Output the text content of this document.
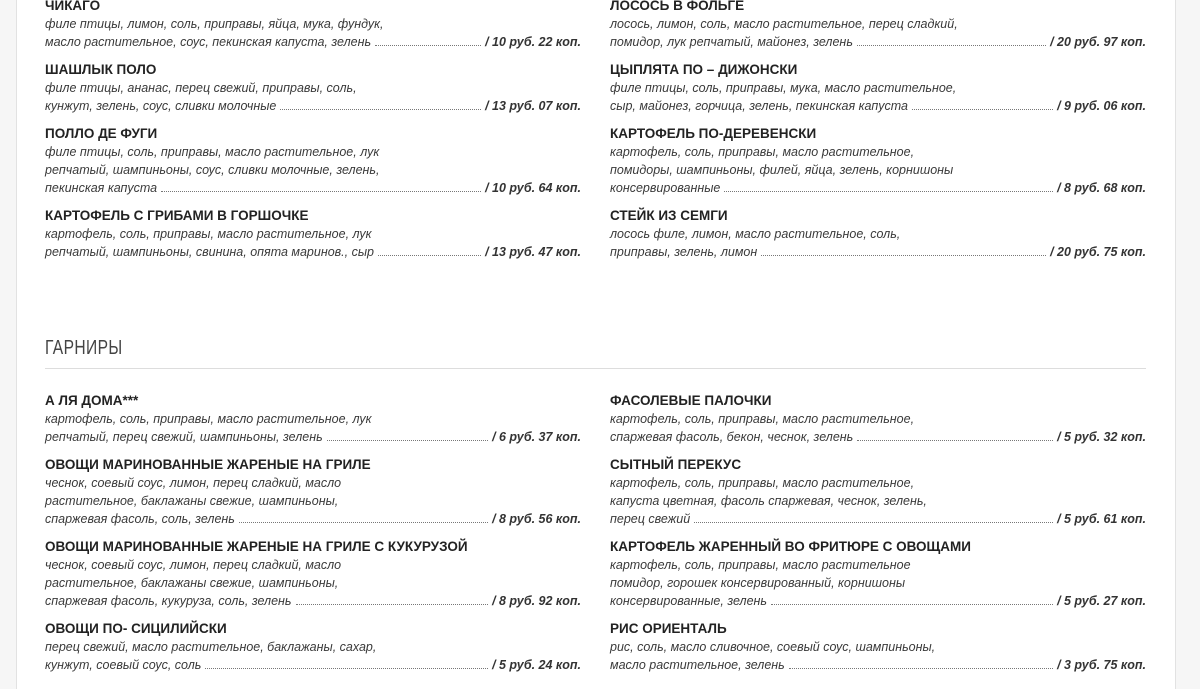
ЧИКАГО
филе птицы, лимон, соль, приправы, яйца, мука, фундук,
масло растительное, соус, пекинская капуста, зелень	/ 10 руб. 22 коп.
ЛОСОСЬ В ФОЛЬГЕ
лосось, лимон, соль, масло растительное, перец сладкий,
помидор, лук репчатый, майонез, зелень	/ 20 руб. 97 коп.
ШАШЛЫК ПОЛО
филе птицы, ананас, перец свежий, приправы, соль,
кунжут, зелень, соус, сливки молочные	/ 13 руб. 07 коп.
ЦЫПЛЯТА ПО – ДИЖОНСКИ
филе птицы, соль, приправы, мука, масло растительное,
сыр, майонез, горчица, зелень, пекинская капуста	/ 9 руб. 06 коп.
ПОЛЛО ДЕ ФУГИ
филе птицы, соль, приправы, масло растительное, лук
репчатый, шампиньоны, соус, сливки молочные, зелень,
пекинская капуста	/ 10 руб. 64 коп.
КАРТОФЕЛЬ ПО-ДЕРЕВЕНСКИ
картофель, соль, приправы, масло растительное,
помидоры, шампиньоны, филей, яйца, зелень, корнишоны
консервированные	/ 8 руб. 68 коп.
КАРТОФЕЛЬ С ГРИБАМИ В ГОРШОЧКЕ
картофель, соль, приправы, масло растительное, лук
репчатый, шампиньоны, свинина, опята маринов., сыр	/ 13 руб. 47 коп.
СТЕЙК ИЗ СЕМГИ
лосось филе, лимон, масло растительное, соль,
приправы, зелень, лимон	/ 20 руб. 75 коп.
ГАРНИРЫ
А ЛЯ ДОМА***
картофель, соль, приправы, масло растительное, лук
репчатый, перец свежий, шампиньоны, зелень	/ 6 руб. 37 коп.
ФАСОЛЕВЫЕ ПАЛОЧКИ
картофель, соль, приправы, масло растительное,
спаржевая фасоль, бекон, чеснок, зелень	/ 5 руб. 32 коп.
ОВОЩИ МАРИНОВАННЫЕ ЖАРЕНЫЕ НА ГРИЛЕ
чеснок, соевый соус, лимон, перец сладкий, масло
растительное, баклажаны свежие, шампиньоны,
спаржевая фасоль, соль, зелень	/ 8 руб. 56 коп.
СЫТНЫЙ ПЕРЕКУС
картофель, соль, приправы, масло растительное,
капуста цветная, фасоль спаржевая, чеснок, зелень,
перец свежий	/ 5 руб. 61 коп.
ОВОЩИ МАРИНОВАННЫЕ ЖАРЕНЫЕ НА ГРИЛЕ С КУКУРУЗОЙ
чеснок, соевый соус, лимон, перец сладкий, масло
растительное, баклажаны свежие, шампиньоны,
спаржевая фасоль, кукуруза, соль, зелень	/ 8 руб. 92 коп.
КАРТОФЕЛЬ ЖАРЕННЫЙ ВО ФРИТЮРЕ С ОВОЩАМИ
картофель, соль, приправы, масло растительное
помидор, горошек консервированный, корнишоны
консервированные, зелень	/ 5 руб. 27 коп.
ОВОЩИ ПО- СИЦИЛИЙСКИ
перец свежий, масло растительное, баклажаны, сахар,
кунжут, соевый соус, соль	/ 5 руб. 24 коп.
РИС ОРИЕНТАЛЬ
рис, соль, масло сливочное, соевый соус, шампиньоны,
масло растительное, зелень	/ 3 руб. 75 коп.
